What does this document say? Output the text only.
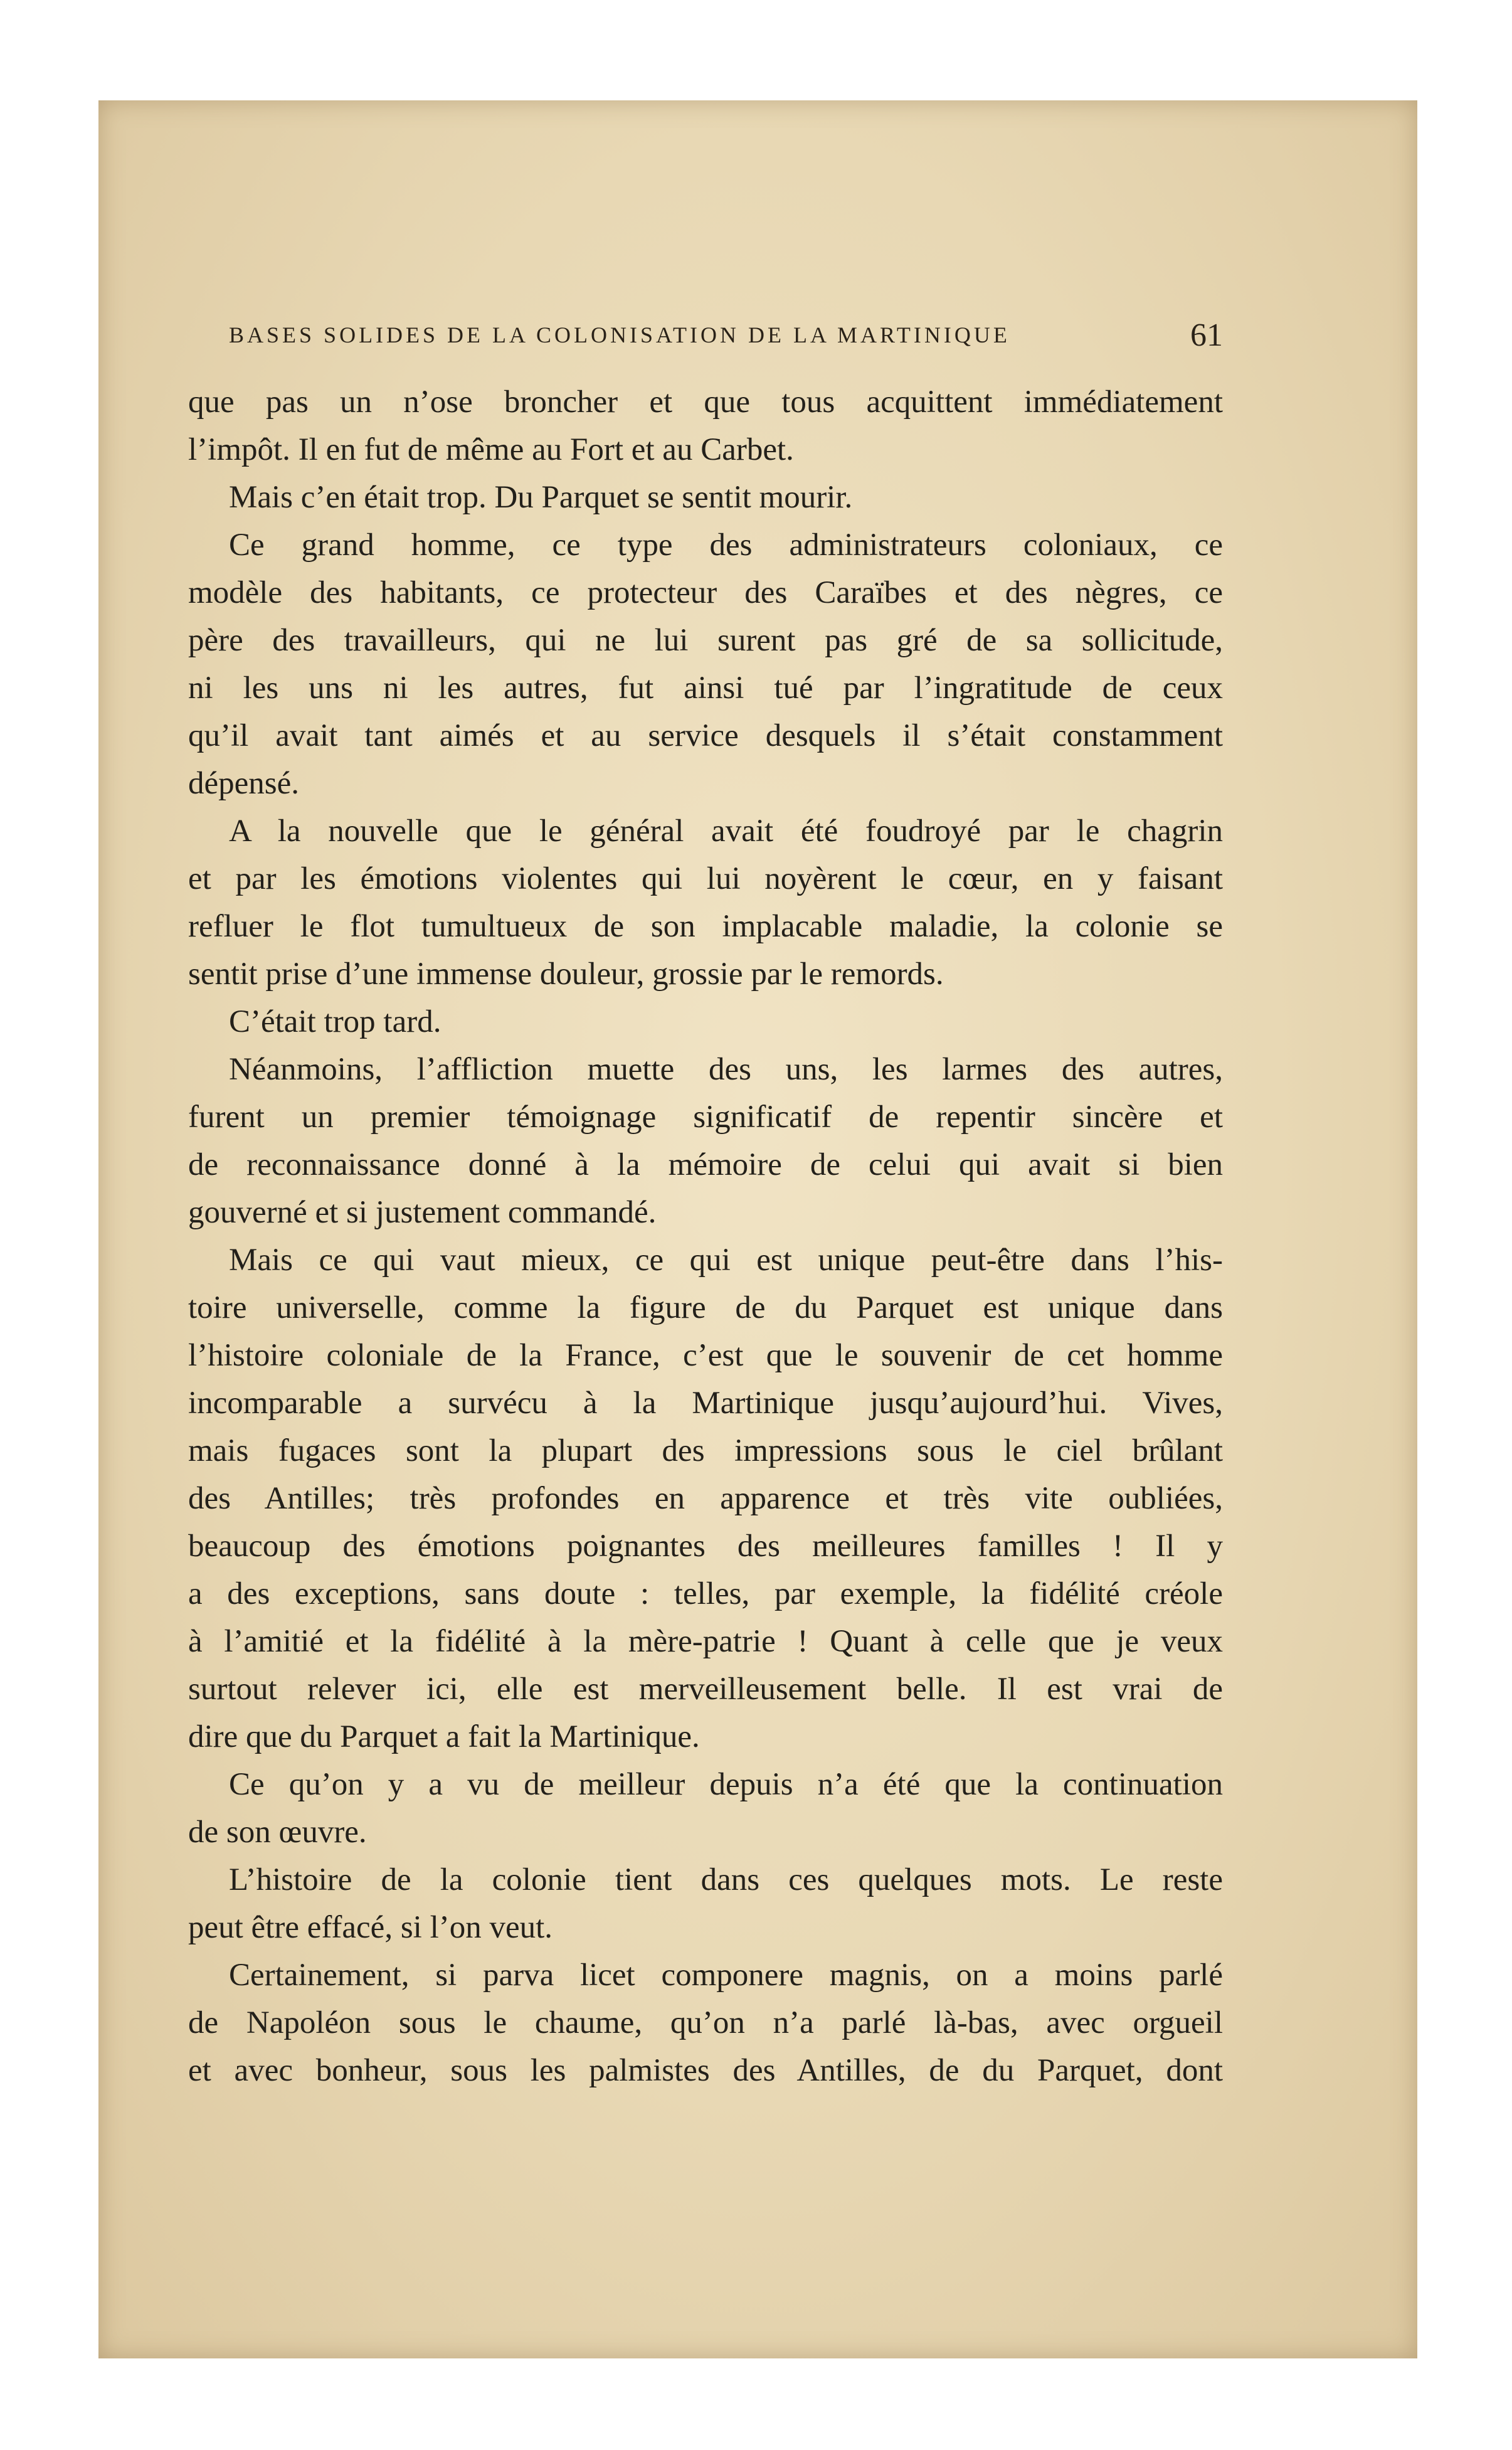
BASES SOLIDES DE LA COLONISATION DE LA MARTINIQUE	61
que pas un n’ose broncher et que tous acquittent immédiatement
l’impôt. Il en fut de même au Fort et au Carbet.
Mais c’en était trop. Du Parquet se sentit mourir.
Ce grand homme, ce type des administrateurs coloniaux, ce
modèle des habitants, ce protecteur des Caraïbes et des nègres, ce
père des travailleurs, qui ne lui surent pas gré de sa sollicitude,
ni les uns ni les autres, fut ainsi tué par l’ingratitude de ceux
qu’il avait tant aimés et au service desquels il s’était constamment
dépensé.
A la nouvelle que le général avait été foudroyé par le chagrin
et par les émotions violentes qui lui noyèrent le cœur, en y faisant
refluer le flot tumultueux de son implacable maladie, la colonie se
sentit prise d’une immense douleur, grossie par le remords.
C’était trop tard.
Néanmoins, l’affliction muette des uns, les larmes des autres,
furent un premier témoignage significatif de repentir sincère et
de reconnaissance donné à la mémoire de celui qui avait si bien
gouverné et si justement commandé.
Mais ce qui vaut mieux, ce qui est unique peut-être dans l’his-
toire universelle, comme la figure de du Parquet est unique dans
l’histoire coloniale de la France, c’est que le souvenir de cet homme
incomparable a survécu à la Martinique jusqu’aujourd’hui. Vives,
mais fugaces sont la plupart des impressions sous le ciel brûlant
des Antilles; très profondes en apparence et très vite oubliées,
beaucoup des émotions poignantes des meilleures familles ! Il y
a des exceptions, sans doute : telles, par exemple, la fidélité créole
à l’amitié et la fidélité à la mère-patrie ! Quant à celle que je veux
surtout relever ici, elle est merveilleusement belle. Il est vrai de
dire que du Parquet a fait la Martinique.
Ce qu’on y a vu de meilleur depuis n’a été que la continuation
de son œuvre.
L’histoire de la colonie tient dans ces quelques mots. Le reste
peut être effacé, si l’on veut.
Certainement, si parva licet componere magnis, on a moins parlé
de Napoléon sous le chaume, qu’on n’a parlé là-bas, avec orgueil
et avec bonheur, sous les palmistes des Antilles, de du Parquet, dont
